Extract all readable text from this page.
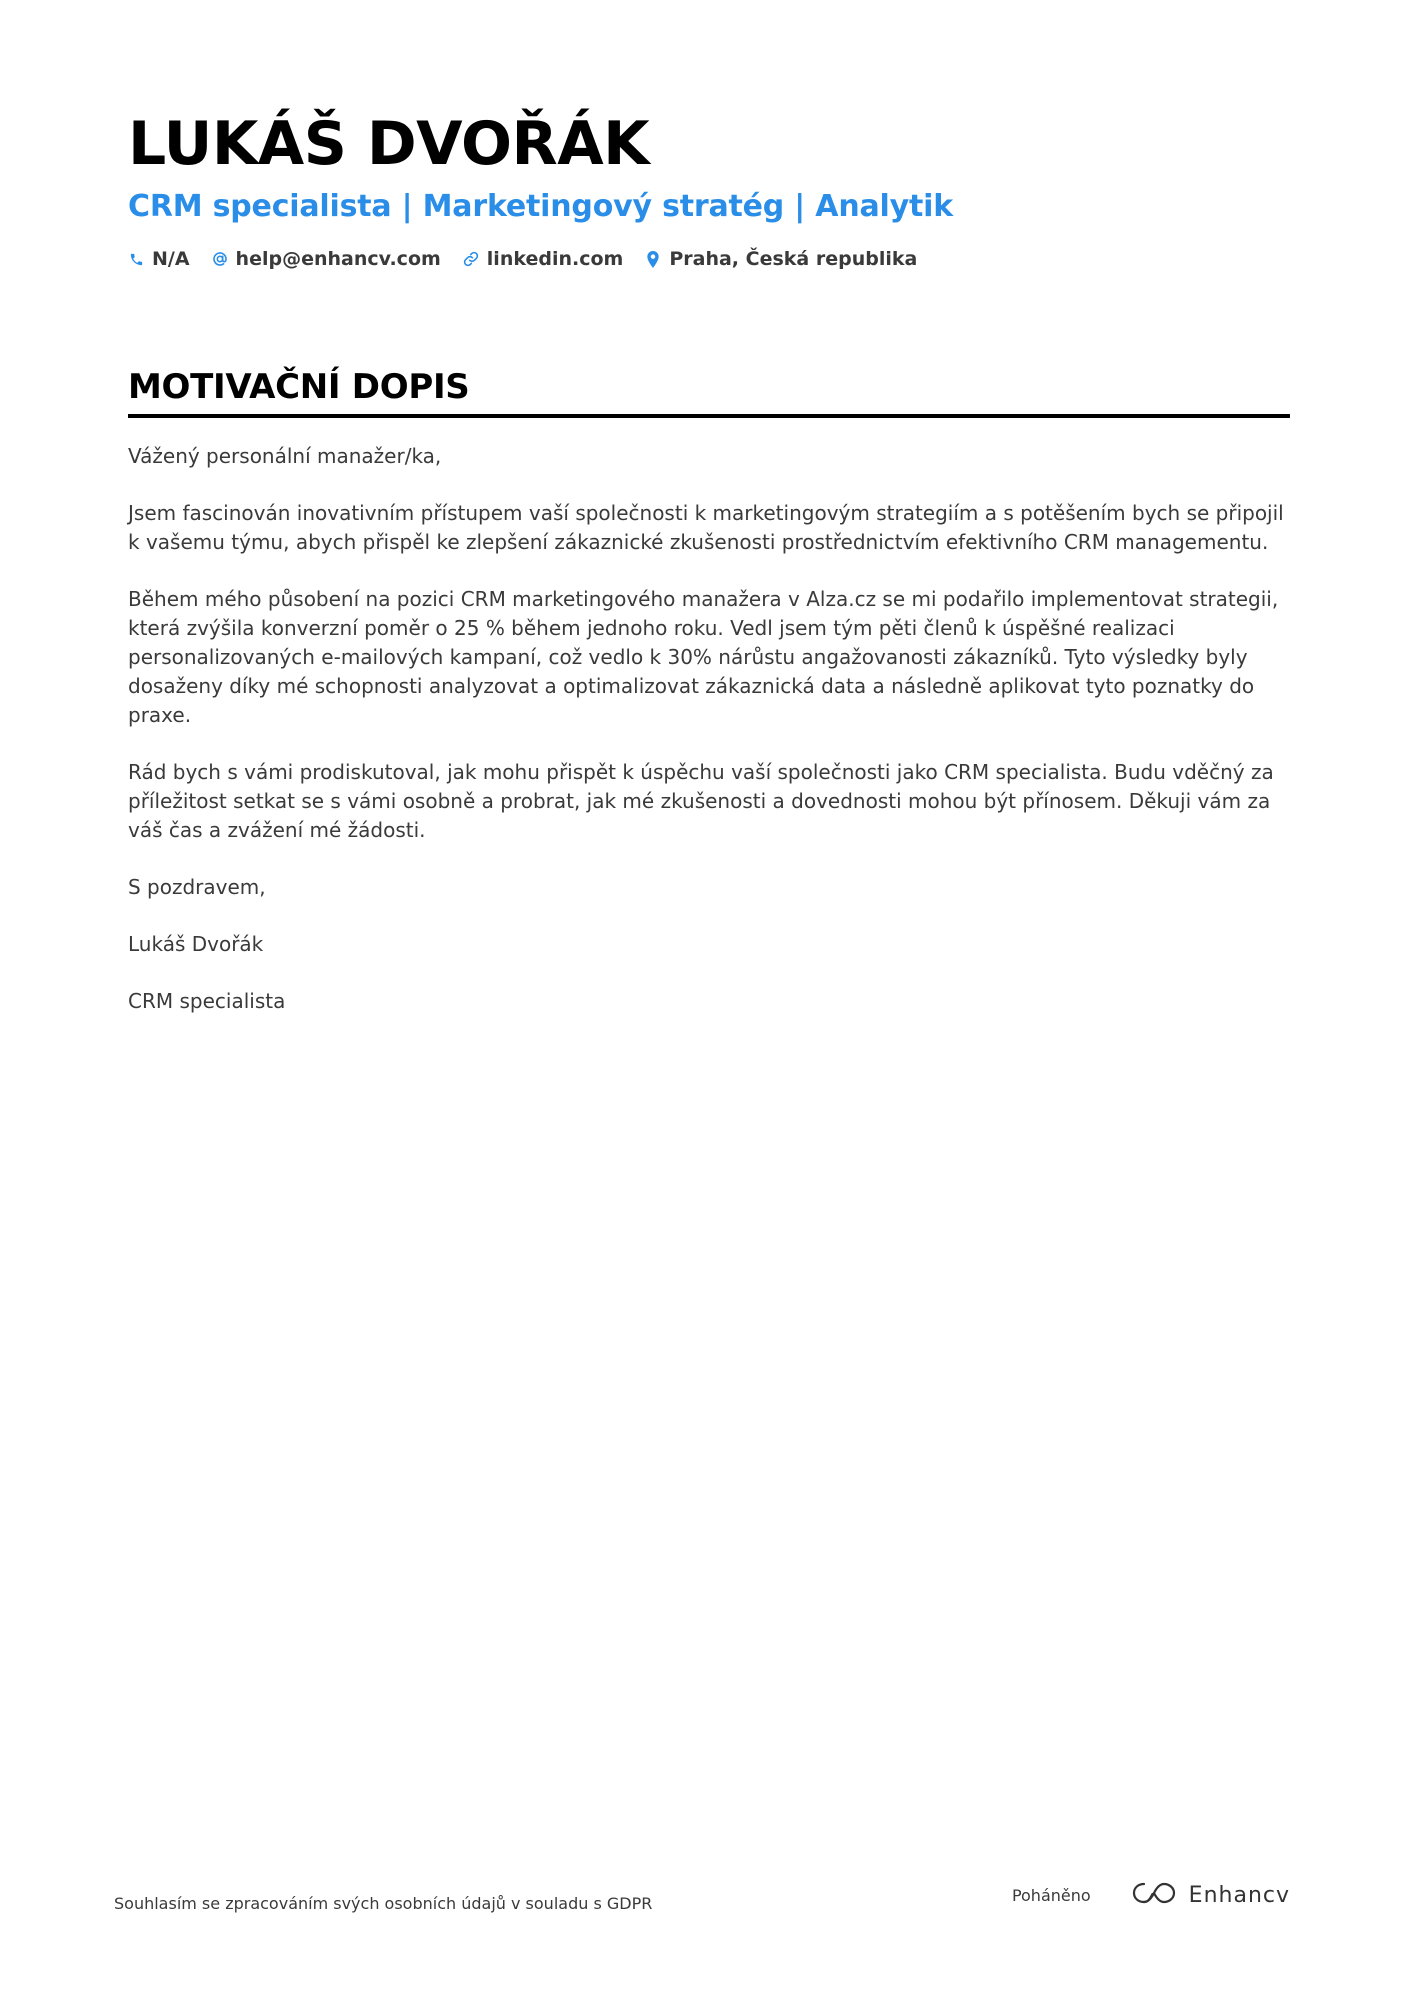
LUKÁŠ DVOŘÁK
CRM specialista | Marketingový stratég | Analytik
N/A help@enhancv.com linkedin.com Praha, Česká republika
MOTIVAČNÍ DOPIS

Vážený personální manažer/ka,

Jsem fascinován inovativním přístupem vaší společnosti k marketingovým strategiím a s potěšením bych se připojil k vašemu týmu, abych přispěl ke zlepšení zákaznické zkušenosti prostřednictvím efektivního CRM managementu.

Během mého působení na pozici CRM marketingového manažera v Alza.cz se mi podařilo implementovat strategii, která zvýšila konverzní poměr o 25 % během jednoho roku. Vedl jsem tým pěti členů k úspěšné realizaci personalizovaných e-mailových kampaní, což vedlo k 30% nárůstu angažovanosti zákazníků. Tyto výsledky byly dosaženy díky mé schopnosti analyzovat a optimalizovat zákaznická data a následně aplikovat tyto poznatky do praxe.

Rád bych s vámi prodiskutoval, jak mohu přispět k úspěchu vaší společnosti jako CRM specialista. Budu vděčný za příležitost setkat se s vámi osobně a probrat, jak mé zkušenosti a dovednosti mohou být přínosem. Děkuji vám za váš čas a zvážení mé žádosti.

S pozdravem,

Lukáš Dvořák

CRM specialista

Souhlasím se zpracováním svých osobních údajů v souladu s GDPR	Poháněno	Enhancv
